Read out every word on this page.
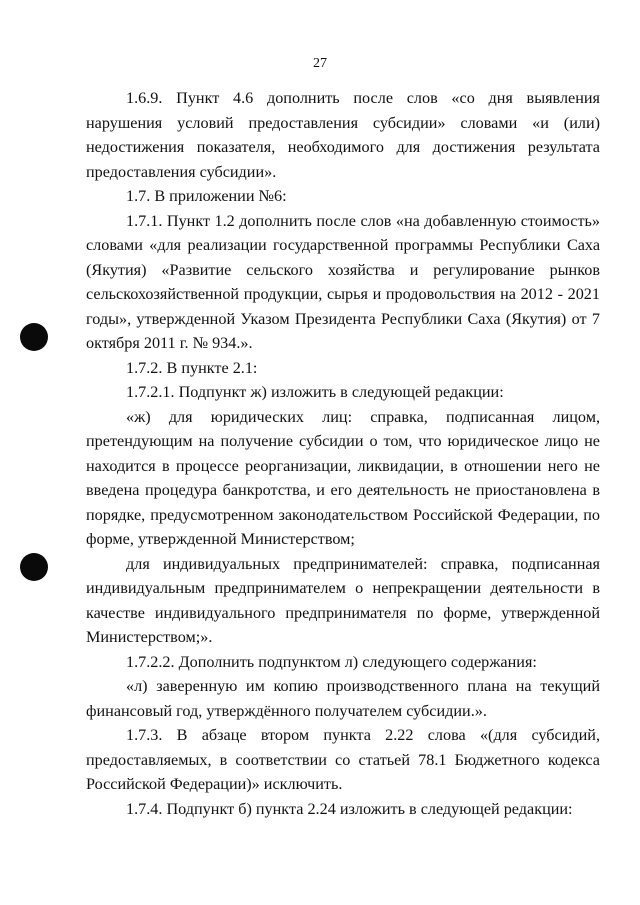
27

1.6.9. Пункт 4.6 дополнить после слов «со дня выявления нарушения условий предоставления субсидии» словами «и (или) недостижения показателя, необходимого для достижения результата предоставления субсидии».

1.7. В приложении №6:

1.7.1. Пункт 1.2 дополнить после слов «на добавленную стоимость» словами «для реализации государственной программы Республики Саха (Якутия) «Развитие сельского хозяйства и регулирование рынков сельскохозяйственной продукции, сырья и продовольствия на 2012 - 2021 годы», утвержденной Указом Президента Республики Саха (Якутия) от 7 октября 2011 г. № 934.».

1.7.2. В пункте 2.1:

1.7.2.1. Подпункт ж) изложить в следующей редакции:

«ж) для юридических лиц: справка, подписанная лицом, претендующим на получение субсидии о том, что юридическое лицо не находится в процессе реорганизации, ликвидации, в отношении него не введена процедура банкротства, и его деятельность не приостановлена в порядке, предусмотренном законодательством Российской Федерации, по форме, утвержденной Министерством;

для индивидуальных предпринимателей: справка, подписанная индивидуальным предпринимателем о непрекращении деятельности в качестве индивидуального предпринимателя по форме, утвержденной Министерством;».

1.7.2.2. Дополнить подпунктом л) следующего содержания:

«л) заверенную им копию производственного плана на текущий финансовый год, утверждённого получателем субсидии.».

1.7.3. В абзаце втором пункта 2.22 слова «(для субсидий, предоставляемых, в соответствии со статьей 78.1 Бюджетного кодекса Российской Федерации)» исключить.

1.7.4. Подпункт б) пункта 2.24 изложить в следующей редакции:
